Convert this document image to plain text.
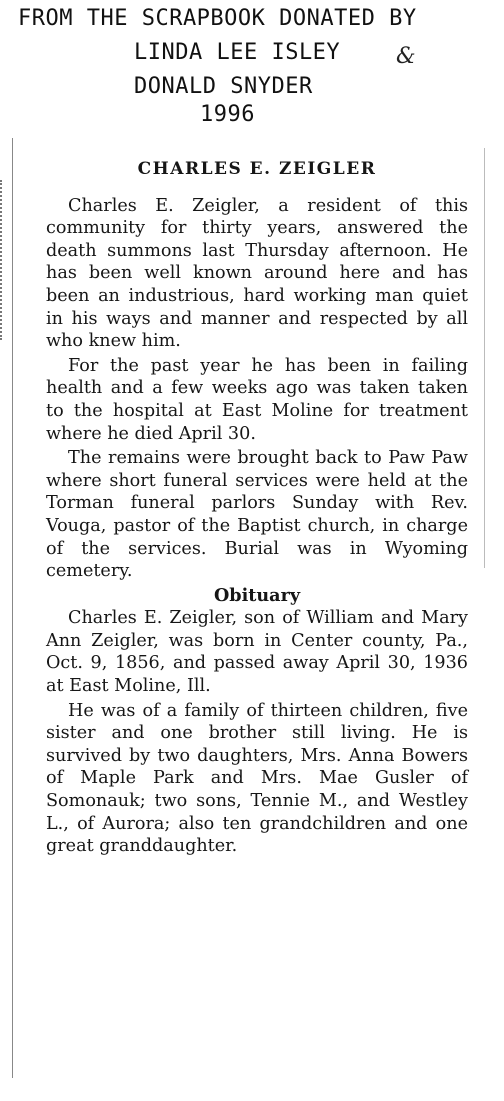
FROM THE SCRAPBOOK DONATED BY
LINDA LEE ISLEY
DONALD SNYDER
1996
&
CHARLES E. ZEIGLER

Charles E. Zeigler, a resident of this community for thirty years, answered the death summons last Thursday afternoon. He has been well known around here and has been an industrious, hard working man quiet in his ways and manner and respected by all who knew him.

For the past year he has been in failing health and a few weeks ago was taken taken to the hospital at East Moline for treatment where he died April 30.

The remains were brought back to Paw Paw where short funeral services were held at the Torman funeral parlors Sunday with Rev. Vouga, pastor of the Baptist church, in charge of the services. Burial was in Wyoming cemetery.

Obituary

Charles E. Zeigler, son of William and Mary Ann Zeigler, was born in Center county, Pa., Oct. 9, 1856, and passed away April 30, 1936 at East Moline, Ill.

He was of a family of thirteen children, five sister and one brother still living. He is survived by two daughters, Mrs. Anna Bowers of Maple Park and Mrs. Mae Gusler of Somonauk; two sons, Tennie M., and Westley L., of Aurora; also ten grandchildren and one great granddaughter.
